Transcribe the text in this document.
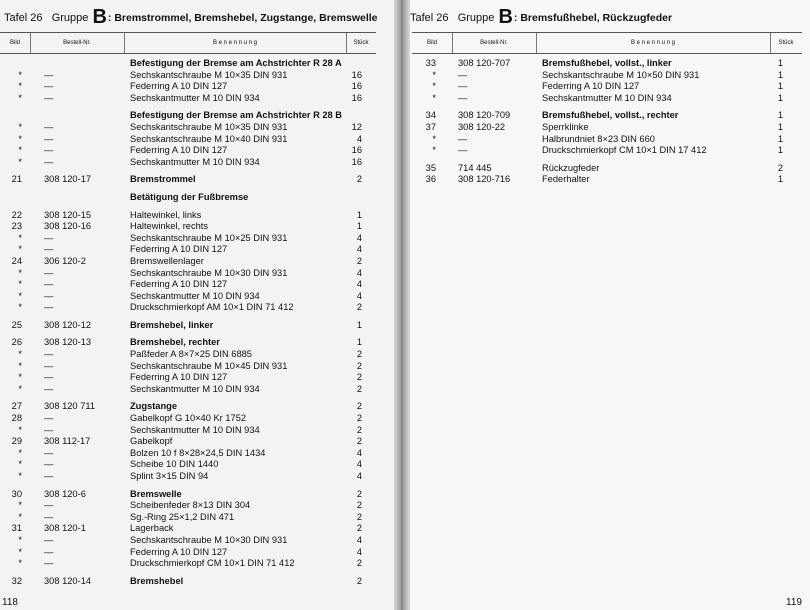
Tafel 26 Gruppe B: Bremstrommel, Bremshebel, Zugstange, Bremswelle
Bild	Bestell-Nr.	B e n e n n u n g	Stück
Befestigung der Bremse am Achstrichter R 28 A
* —	Sechskantschraube M 10×35 DIN 931	16
* —	Federring A 10 DIN 127	16
* —	Sechskantmutter M 10 DIN 934	16
Befestigung der Bremse am Achstrichter R 28 B
* —	Sechskantschraube M 10×35 DIN 931	12
* —	Sechskantschraube M 10×40 DIN 931	4
* —	Federring A 10 DIN 127	16
* —	Sechskantmutter M 10 DIN 934	16
21 308 120-17	Bremstrommel	2
Betätigung der Fußbremse
22 308 120-15	Haltewinkel, links	1
23 308 120-16	Haltewinkel, rechts	1
* —	Sechskantschraube M 10×25 DIN 931	4
* —	Federring A 10 DIN 127	4
24 306 120-2	Bremswellenlager	2
* —	Sechskantschraube M 10×30 DIN 931	4
* —	Federring A 10 DIN 127	4
* —	Sechskantmutter M 10 DIN 934	4
* —	Druckschmierkopf AM 10×1 DIN 71 412	2
25 308 120-12	Bremshebel, linker	1
26 308 120-13	Bremshebel, rechter	1
* —	Paßfeder A 8×7×25 DIN 6885	2
* —	Sechskantschraube M 10×45 DIN 931	2
* —	Federring A 10 DIN 127	2
* —	Sechskantmutter M 10 DIN 934	2
27 308 120 711	Zugstange	2
28 —	Gabelkopf G 10×40 Kr 1752	2
* —	Sechskantmutter M 10 DIN 934	2
29 308 112-17	Gabelkopf	2
* —	Bolzen 10 f 8×28×24,5 DIN 1434	4
* —	Scheibe 10 DIN 1440	4
* —	Splint 3×15 DIN 94	4
30 308 120-6	Bremswelle	2
* —	Scheibenfeder 8×13 DIN 304	2
* —	Sg.-Ring 25×1,2 DIN 471	2
31 308 120-1	Lagerback	2
* —	Sechskantschraube M 10×30 DIN 931	4
* —	Federring A 10 DIN 127	4
* —	Druckschmierkopf CM 10×1 DIN 71 412	2
32 308 120-14	Bremshebel	2
118
Tafel 26 Gruppe B: Bremsfußhebel, Rückzugfeder
Bild	Bestell-Nr.	B e n e n n u n g	Stück
33 308 120-707	Bremsfußhebel, vollst., linker	1
* —	Sechskantschraube M 10×50 DIN 931	1
* —	Federring A 10 DIN 127	1
* —	Sechskantmutter M 10 DIN 934	1
34 308 120-709	Bremsfußhebel, vollst., rechter	1
37 308 120-22	Sperrklinke	1
* —	Halbrundniet 8×23 DIN 660	1
* —	Druckschmierkopf CM 10×1 DIN 17 412	1
35 714 445	Rückzugfeder	2
36 308 120-716	Federhalter	1
119
